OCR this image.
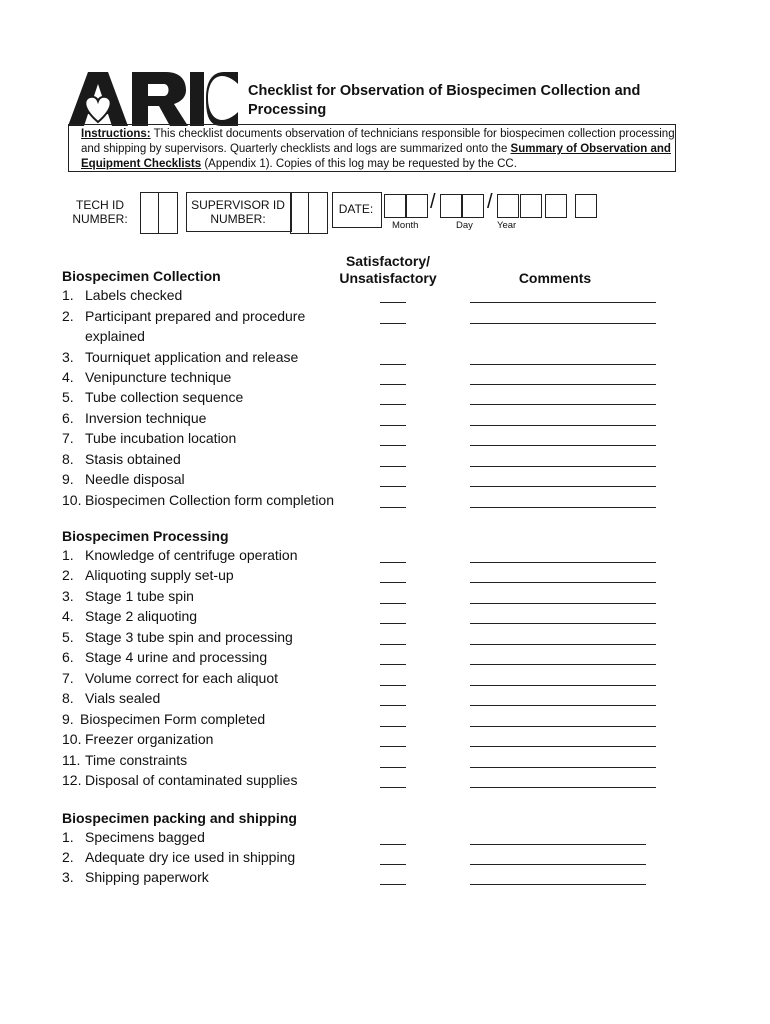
Checklist for Observation of Biospecimen Collection and Processing
Instructions: This checklist documents observation of technicians responsible for biospecimen collection processing and shipping by supervisors. Quarterly checklists and logs are summarized onto the Summary of Observation and Equipment Checklists (Appendix 1). Copies of this log may be requested by the CC.
TECH ID NUMBER:
SUPERVISOR ID NUMBER:
DATE:	/	/
Month	Day	Year
Satisfactory/ Unsatisfactory	Comments
Biospecimen Collection
1. Labels checked
2. Participant prepared and procedure
explained
3. Tourniquet application and release
4. Venipuncture technique
5. Tube collection sequence
6. Inversion technique
7. Tube incubation location
8. Stasis obtained
9. Needle disposal
10. Biospecimen Collection form completion
Biospecimen Processing
1. Knowledge of centrifuge operation
2. Aliquoting supply set-up
3. Stage 1 tube spin
4. Stage 2 aliquoting
5. Stage 3 tube spin and processing
6. Stage 4 urine and processing
7. Volume correct for each aliquot
8. Vials sealed
9. Biospecimen Form completed
10. Freezer organization
11. Time constraints
12. Disposal of contaminated supplies
Biospecimen packing and shipping
1. Specimens bagged
2. Adequate dry ice used in shipping
3. Shipping paperwork
